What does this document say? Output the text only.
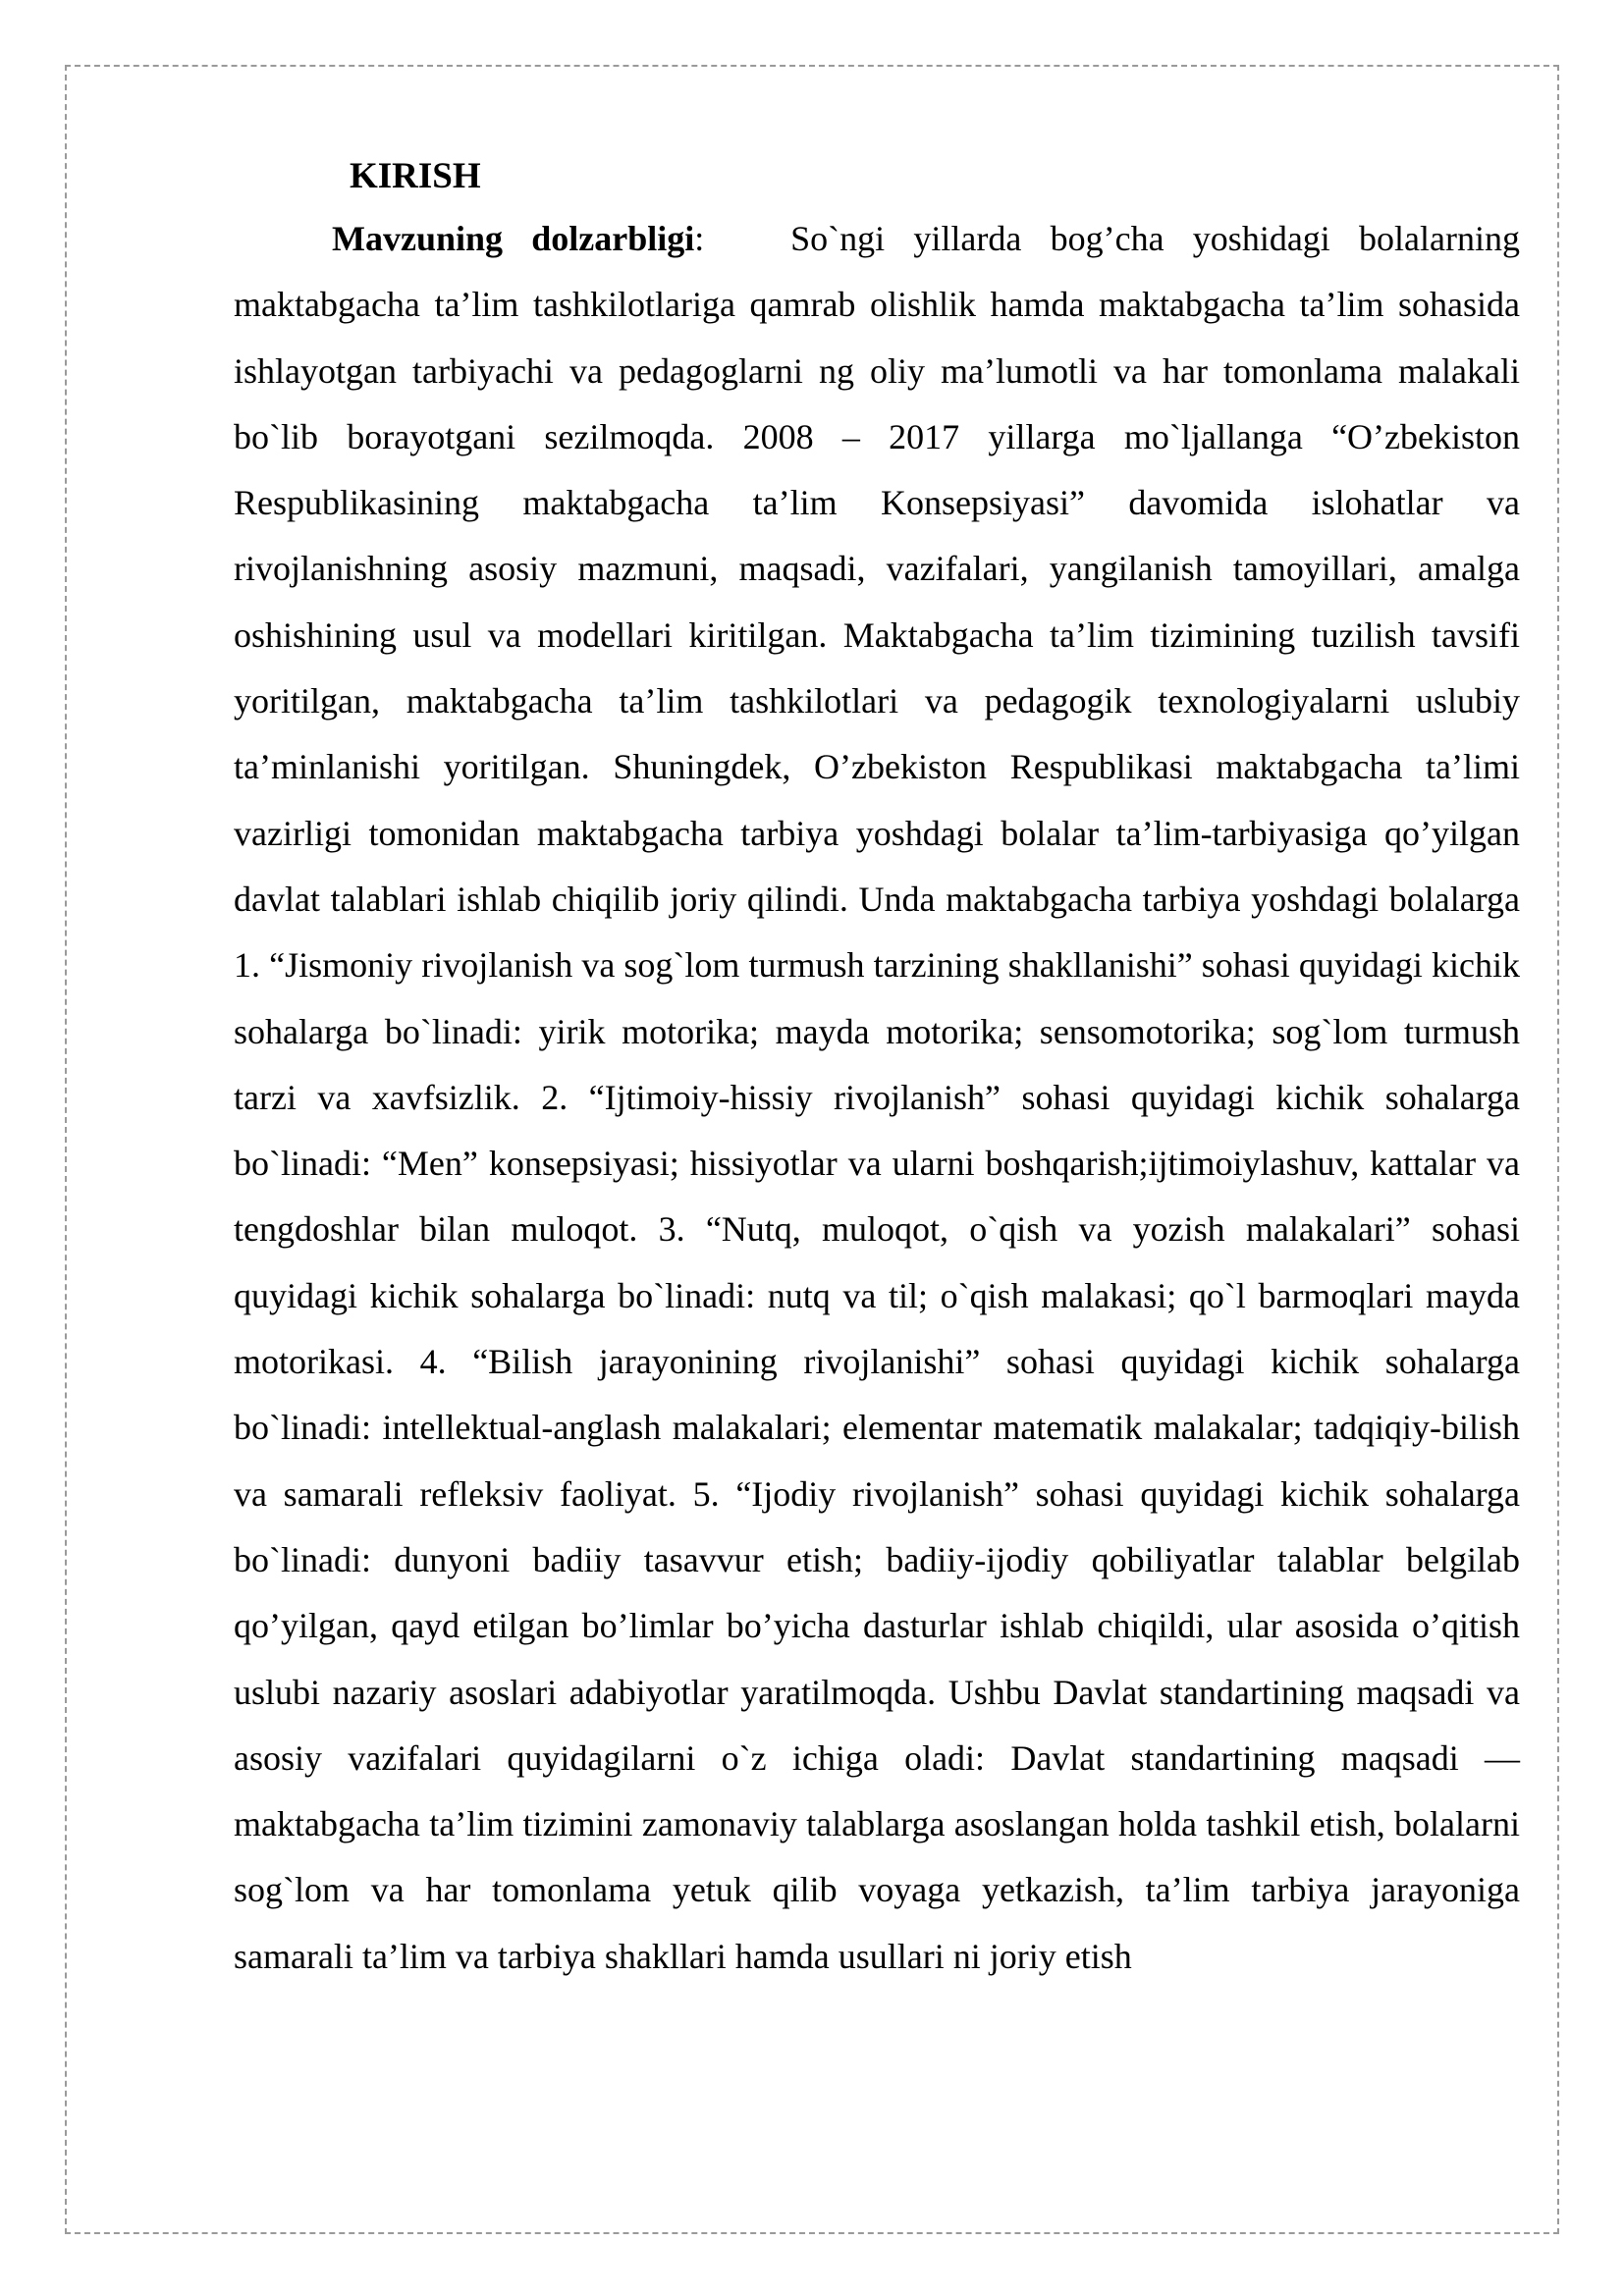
KIRISH

Mavzuning dolzarbligi: So`ngi yillarda bog’cha yoshidagi bolalarning maktabgacha ta’lim tashkilotlariga qamrab olishlik hamda maktabgacha ta’lim sohasida ishlayotgan tarbiyachi va pedagoglarni ng oliy ma’lumotli va har tomonlama malakali bo`lib borayotgani sezilmoqda. 2008 – 2017 yillarga mo`ljallanga “O’zbekiston Respublikasining maktabgacha ta’lim Konsepsiyasi” davomida islohatlar va rivojlanishning asosiy mazmuni, maqsadi, vazifalari, yangilanish tamoyillari, amalga oshishining usul va modellari kiritilgan. Maktabgacha ta’lim tizimining tuzilish tavsifi yoritilgan, maktabgacha ta’lim tashkilotlari va pedagogik texnologiyalarni uslubiy ta’minlanishi yoritilgan. Shuningdek, O’zbekiston Respublikasi maktabgacha ta’limi vazirligi tomonidan maktabgacha tarbiya yoshdagi bolalar ta’lim-tarbiyasiga qo’yilgan davlat talablari ishlab chiqilib joriy qilindi. Unda maktabgacha tarbiya yoshdagi bolalarga 1. “Jismoniy rivojlanish va sog`lom turmush tarzining shakllanishi” sohasi quyidagi kichik sohalarga bo`linadi: yirik motorika; mayda motorika; sensomotorika; sog`lom turmush tarzi va xavfsizlik. 2. “Ijtimoiy-hissiy rivojlanish” sohasi quyidagi kichik sohalarga bo`linadi: “Men” konsepsiyasi; hissiyotlar va ularni boshqarish;ijtimoiylashuv, kattalar va tengdoshlar bilan muloqot. 3. “Nutq, muloqot, o`qish va yozish malakalari” sohasi quyidagi kichik sohalarga bo`linadi: nutq va til; o`qish malakasi; qo`l barmoqlari mayda motorikasi. 4. “Bilish jarayonining rivojlanishi” sohasi quyidagi kichik sohalarga bo`linadi: intellektual-anglash malakalari; elementar matematik malakalar; tadqiqiy-bilish va samarali refleksiv faoliyat. 5. “Ijodiy rivojlanish” sohasi quyidagi kichik sohalarga bo`linadi: dunyoni badiiy tasavvur etish; badiiy-ijodiy qobiliyatlar talablar belgilab qo’yilgan, qayd etilgan bo’limlar bo’yicha dasturlar ishlab chiqildi, ular asosida o’qitish uslubi nazariy asoslari adabiyotlar yaratilmoqda. Ushbu Davlat standartining maqsadi va asosiy vazifalari quyidagilarni o`z ichiga oladi: Davlat standartining maqsadi — maktabgacha ta’lim tizimini zamonaviy talablarga asoslangan holda tashkil etish, bolalarni sog`lom va har tomonlama yetuk qilib voyaga yetkazish, ta’lim tarbiya jarayoniga samarali ta’lim va tarbiya shakllari hamda usullari ni joriy etish
